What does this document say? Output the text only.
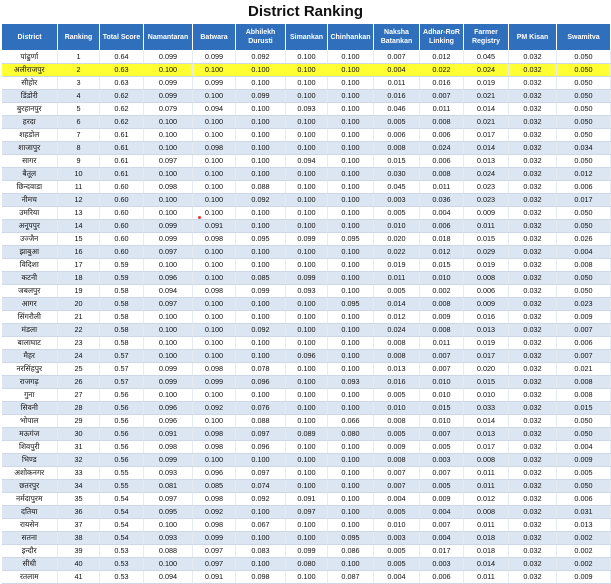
District Ranking
District	Ranking	Total Score	Namantaran	Batwara	Abhilekh Durusti	Simankan	Chinhankan	Naksha Batankan	Adhar-RoR Linking	Farmer Registry	PM Kisan	Swamitva
पांढुर्णा	1	0.64	0.099	0.099	0.092	0.100	0.100	0.007	0.012	0.045	0.032	0.050
अलीराजपुर	2	0.63	0.100	0.100	0.100	0.100	0.100	0.004	0.022	0.024	0.032	0.050
सीहोर	3	0.63	0.099	0.099	0.100	0.100	0.100	0.011	0.016	0.019	0.032	0.050
डिंडोरी	4	0.62	0.099	0.100	0.099	0.100	0.100	0.016	0.007	0.021	0.032	0.050
बुरहानपुर	5	0.62	0.079	0.094	0.100	0.093	0.100	0.046	0.011	0.014	0.032	0.050
हरदा	6	0.62	0.100	0.100	0.100	0.100	0.100	0.005	0.008	0.021	0.032	0.050
शहडोल	7	0.61	0.100	0.100	0.100	0.100	0.100	0.006	0.006	0.017	0.032	0.050
शाजापुर	8	0.61	0.100	0.098	0.100	0.100	0.100	0.008	0.024	0.014	0.032	0.034
सागर	9	0.61	0.097	0.100	0.100	0.094	0.100	0.015	0.006	0.013	0.032	0.050
बैतूल	10	0.61	0.100	0.100	0.100	0.100	0.100	0.030	0.008	0.024	0.032	0.012
छिन्दवाडा	11	0.60	0.098	0.100	0.088	0.100	0.100	0.045	0.011	0.023	0.032	0.006
नीमच	12	0.60	0.100	0.100	0.092	0.100	0.100	0.003	0.036	0.023	0.032	0.017
उमरिया	13	0.60	0.100	0.100	0.100	0.100	0.100	0.005	0.004	0.009	0.032	0.050
अनूपपुर	14	0.60	0.099	0.091	0.100	0.100	0.100	0.010	0.006	0.011	0.032	0.050
उज्जैन	15	0.60	0.099	0.098	0.095	0.099	0.095	0.020	0.018	0.015	0.032	0.026
झाबुआ	16	0.60	0.097	0.100	0.100	0.100	0.100	0.022	0.012	0.029	0.032	0.004
विदिशा	17	0.59	0.100	0.100	0.100	0.100	0.100	0.019	0.015	0.019	0.032	0.008
कटनी	18	0.59	0.096	0.100	0.085	0.099	0.100	0.011	0.010	0.008	0.032	0.050
जबलपुर	19	0.58	0.094	0.098	0.099	0.093	0.100	0.005	0.002	0.006	0.032	0.050
आगर	20	0.58	0.097	0.100	0.100	0.100	0.095	0.014	0.008	0.009	0.032	0.023
सिंगरौली	21	0.58	0.100	0.100	0.100	0.100	0.100	0.012	0.009	0.016	0.032	0.009
मंडला	22	0.58	0.100	0.100	0.092	0.100	0.100	0.024	0.008	0.013	0.032	0.007
बालाघाट	23	0.58	0.100	0.100	0.100	0.100	0.100	0.008	0.011	0.019	0.032	0.006
मैहर	24	0.57	0.100	0.100	0.100	0.096	0.100	0.008	0.007	0.017	0.032	0.007
नरसिंहपुर	25	0.57	0.099	0.098	0.078	0.100	0.100	0.013	0.007	0.020	0.032	0.021
राजगढ़	26	0.57	0.099	0.099	0.096	0.100	0.093	0.016	0.010	0.015	0.032	0.008
गुना	27	0.56	0.100	0.100	0.100	0.100	0.100	0.005	0.010	0.010	0.032	0.008
सिवनी	28	0.56	0.096	0.092	0.076	0.100	0.100	0.010	0.015	0.033	0.032	0.015
भोपाल	29	0.56	0.096	0.100	0.088	0.100	0.066	0.008	0.010	0.014	0.032	0.050
मऊगंज	30	0.56	0.091	0.098	0.097	0.089	0.080	0.005	0.007	0.013	0.032	0.050
शिवपुरी	31	0.56	0.098	0.098	0.096	0.100	0.100	0.009	0.005	0.017	0.032	0.004
भिण्ड	32	0.56	0.099	0.100	0.100	0.100	0.100	0.008	0.003	0.008	0.032	0.009
अशोकनगर	33	0.55	0.093	0.096	0.097	0.100	0.100	0.007	0.007	0.011	0.032	0.005
छतरपुर	34	0.55	0.081	0.085	0.074	0.100	0.100	0.007	0.005	0.011	0.032	0.050
नर्मदापुरम	35	0.54	0.097	0.098	0.092	0.091	0.100	0.004	0.009	0.012	0.032	0.006
दतिया	36	0.54	0.095	0.092	0.100	0.097	0.100	0.005	0.004	0.008	0.032	0.031
रायसेन	37	0.54	0.100	0.098	0.067	0.100	0.100	0.010	0.007	0.011	0.032	0.013
सतना	38	0.54	0.093	0.099	0.100	0.100	0.095	0.003	0.004	0.018	0.032	0.002
इन्दौर	39	0.53	0.088	0.097	0.083	0.099	0.086	0.005	0.017	0.018	0.032	0.002
सीधी	40	0.53	0.100	0.097	0.100	0.080	0.100	0.005	0.003	0.014	0.032	0.002
रतलाम	41	0.53	0.094	0.091	0.098	0.100	0.087	0.004	0.006	0.011	0.032	0.009
